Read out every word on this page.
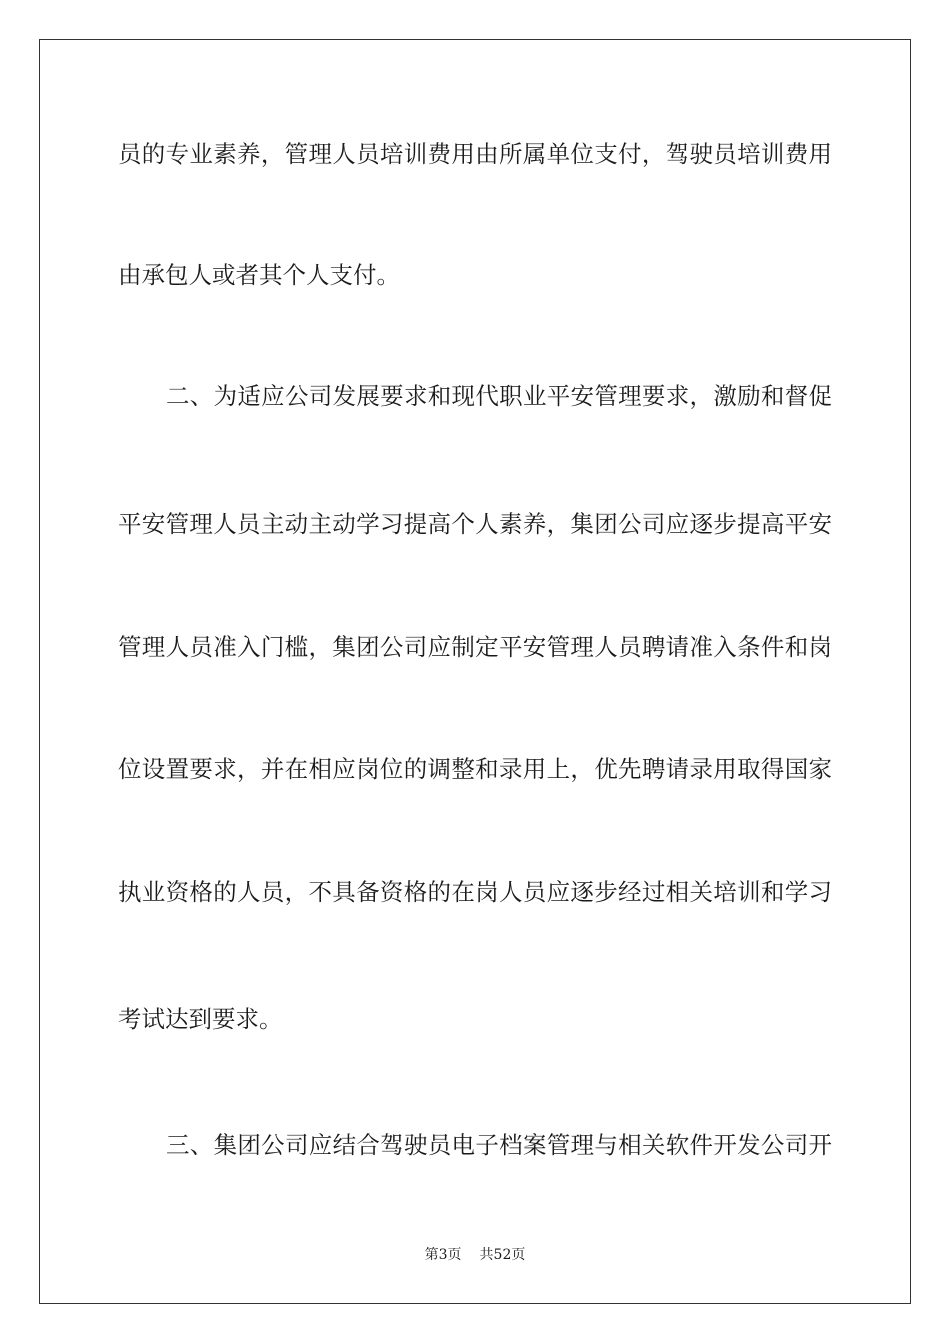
员的专业素养，管理人员培训费用由所属单位支付，驾驶员培训费用
由承包人或者其个人支付。
二、为适应公司发展要求和现代职业平安管理要求，激励和督促
平安管理人员主动主动学习提高个人素养，集团公司应逐步提高平安
管理人员准入门槛，集团公司应制定平安管理人员聘请准入条件和岗
位设置要求，并在相应岗位的调整和录用上，优先聘请录用取得国家
执业资格的人员，不具备资格的在岗人员应逐步经过相关培训和学习
考试达到要求。
三、集团公司应结合驾驶员电子档案管理与相关软件开发公司开
第3页 共52页
